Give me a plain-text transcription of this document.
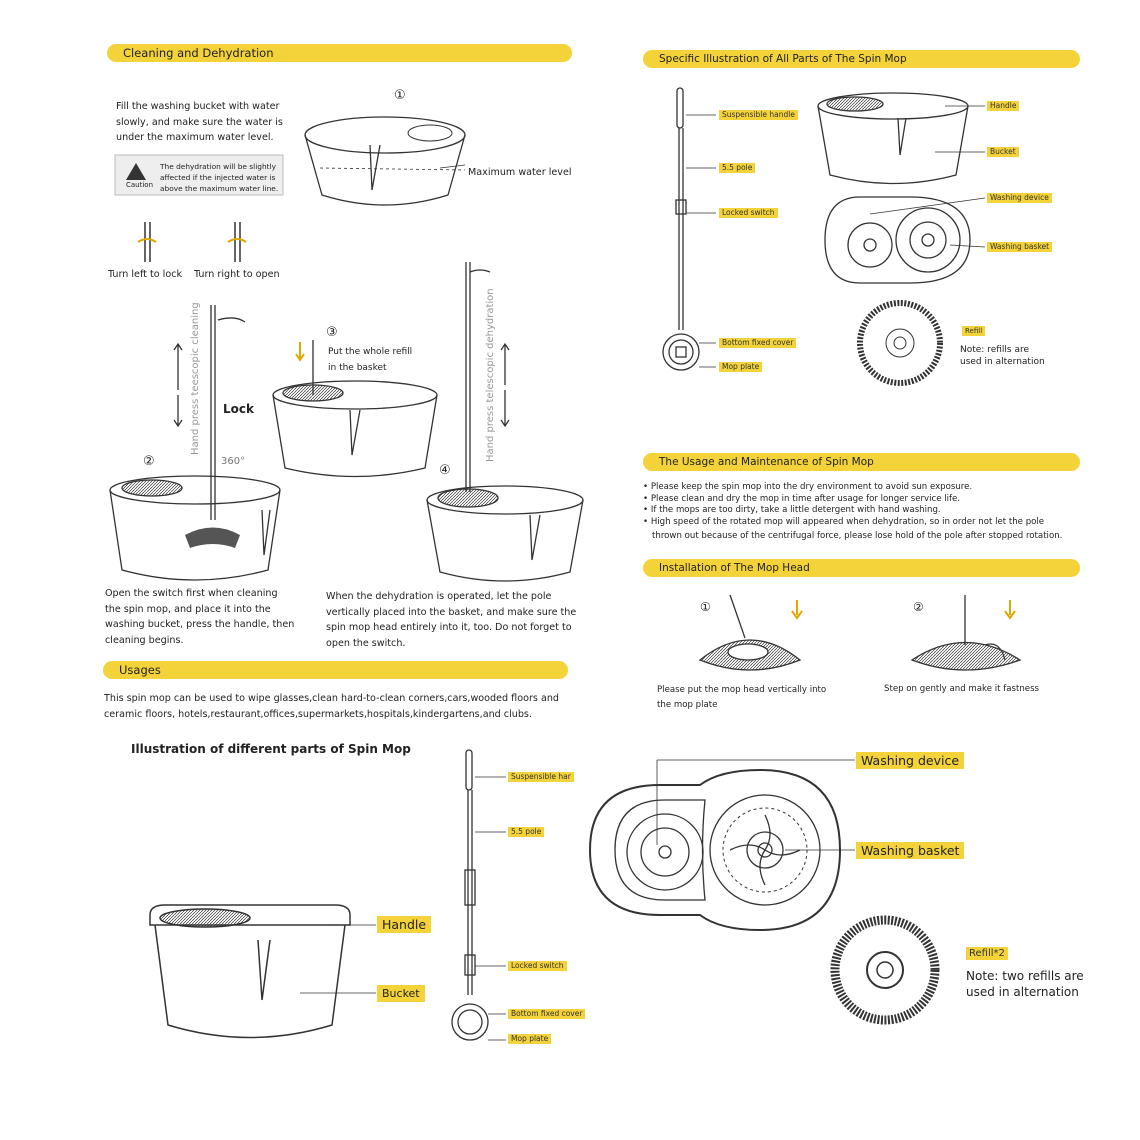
Cleaning and Dehydration
Fill the washing bucket with water
slowly, and make sure the water is
under the maximum water level.
Caution
The dehydration will be slightly
affected if the injected water is
above the maximum water line.
①
Maximum water level
Turn left to lock Turn right to open
Hand press teescopic cleaning Lock
360°
②
③
Put the whole refill
in the basket	Hand press telescopic dehydration
④
Open the switch first when cleaning
the spin mop, and place it into the
washing bucket, press the handle, then
cleaning begins.
When the dehydration is operated, let the pole
vertically placed into the basket, and make sure the
spin mop head entirely into it, too. Do not forget to
open the switch.
Usages
This spin mop can be used to wipe glasses,clean hard-to-clean corners,cars,wooded floors and
ceramic floors, hotels,restaurant,offices,supermarkets,hospitals,kindergartens,and clubs.
Specific Illustration of All Parts of The Spin Mop
Suspensible handle
5.5 pole
Locked switch
Bottom fixed cover
Mop plate
Handle
Bucket
Washing device
Washing basket
Refill
Note: refills are
used in alternation
The Usage and Maintenance of Spin Mop
• Please keep the spin mop into the dry environment to avoid sun exposure.
• Please clean and dry the mop in time after usage for longer service life.
• If the mops are too dirty, take a little detergent with hand washing.
• High speed of the rotated mop will appeared when dehydration, so in order not let the pole
thrown out because of the centrifugal force, please lose hold of the pole after stopped rotation.
Installation of The Mop Head
①	②
Please put the mop head vertically into
the mop plate
Step on gently and make it fastness
Illustration of different parts of Spin Mop
Handle
Bucket
Suspensible har
5.5 pole
Locked switch
Bottom fixed cover
Mop plate
Washing device
Washing basket
Refill*2
Note: two refills are
used in alternation
